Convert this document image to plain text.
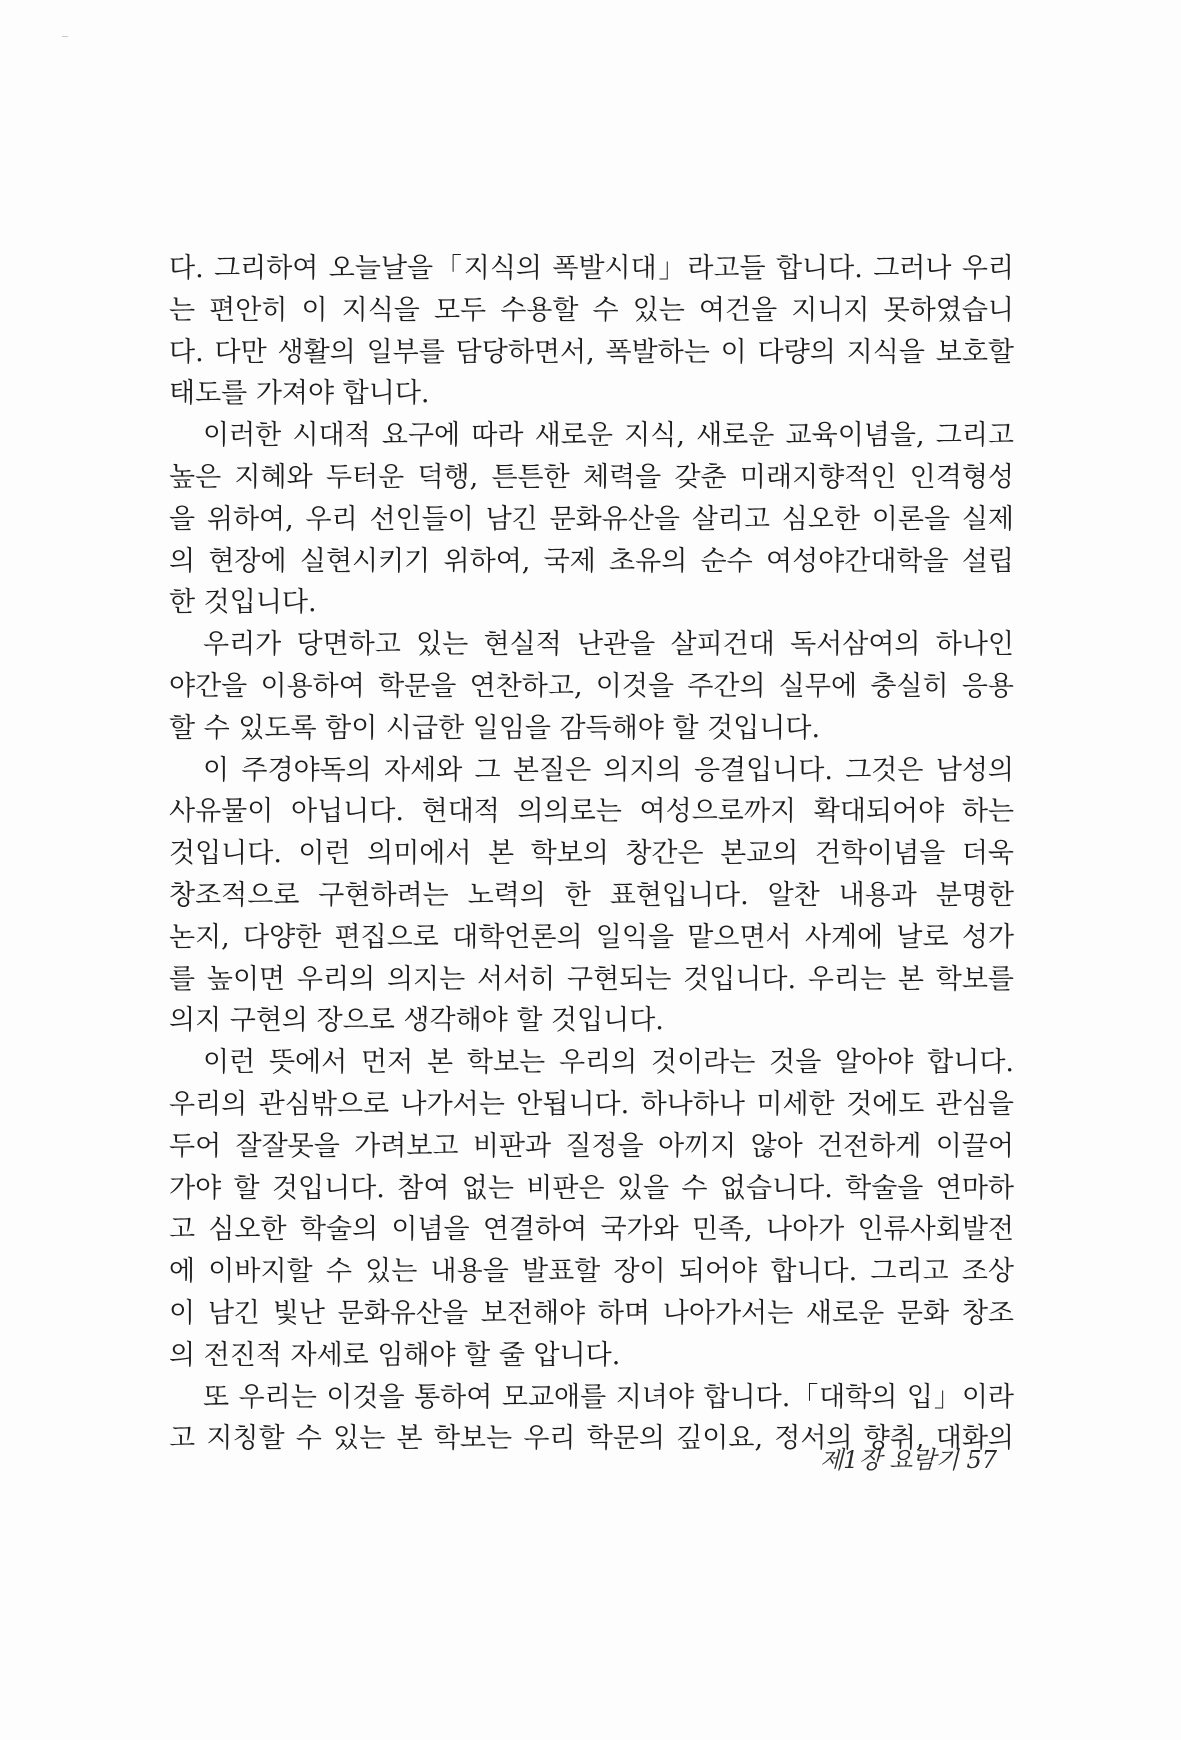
다. 그리하여 오늘날을「지식의 폭발시대」라고들 합니다. 그러나 우리
는 편안히 이 지식을 모두 수용할 수 있는 여건을 지니지 못하였습니
다. 다만 생활의 일부를 담당하면서, 폭발하는 이 다량의 지식을 보호할
태도를 가져야 합니다.
이러한 시대적 요구에 따라 새로운 지식, 새로운 교육이념을, 그리고
높은 지혜와 두터운 덕행, 튼튼한 체력을 갖춘 미래지향적인 인격형성
을 위하여, 우리 선인들이 남긴 문화유산을 살리고 심오한 이론을 실제
의 현장에 실현시키기 위하여, 국제 초유의 순수 여성야간대학을 설립
한 것입니다.
우리가 당면하고 있는 현실적 난관을 살피건대 독서삼여의 하나인
야간을 이용하여 학문을 연찬하고, 이것을 주간의 실무에 충실히 응용
할 수 있도록 함이 시급한 일임을 감득해야 할 것입니다.
이 주경야독의 자세와 그 본질은 의지의 응결입니다. 그것은 남성의
사유물이 아닙니다. 현대적 의의로는 여성으로까지 확대되어야 하는
것입니다. 이런 의미에서 본 학보의 창간은 본교의 건학이념을 더욱
창조적으로 구현하려는 노력의 한 표현입니다. 알찬 내용과 분명한
논지, 다양한 편집으로 대학언론의 일익을 맡으면서 사계에 날로 성가
를 높이면 우리의 의지는 서서히 구현되는 것입니다. 우리는 본 학보를
의지 구현의 장으로 생각해야 할 것입니다.
이런 뜻에서 먼저 본 학보는 우리의 것이라는 것을 알아야 합니다.
우리의 관심밖으로 나가서는 안됩니다. 하나하나 미세한 것에도 관심을
두어 잘잘못을 가려보고 비판과 질정을 아끼지 않아 건전하게 이끌어
가야 할 것입니다. 참여 없는 비판은 있을 수 없습니다. 학술을 연마하
고 심오한 학술의 이념을 연결하여 국가와 민족, 나아가 인류사회발전
에 이바지할 수 있는 내용을 발표할 장이 되어야 합니다. 그리고 조상
이 남긴 빛난 문화유산을 보전해야 하며 나아가서는 새로운 문화 창조
의 전진적 자세로 임해야 할 줄 압니다.
또 우리는 이것을 통하여 모교애를 지녀야 합니다.「대학의 입」이라
고 지칭할 수 있는 본 학보는 우리 학문의 깊이요, 정서의 향취, 대화의
제1장 요람기 57
